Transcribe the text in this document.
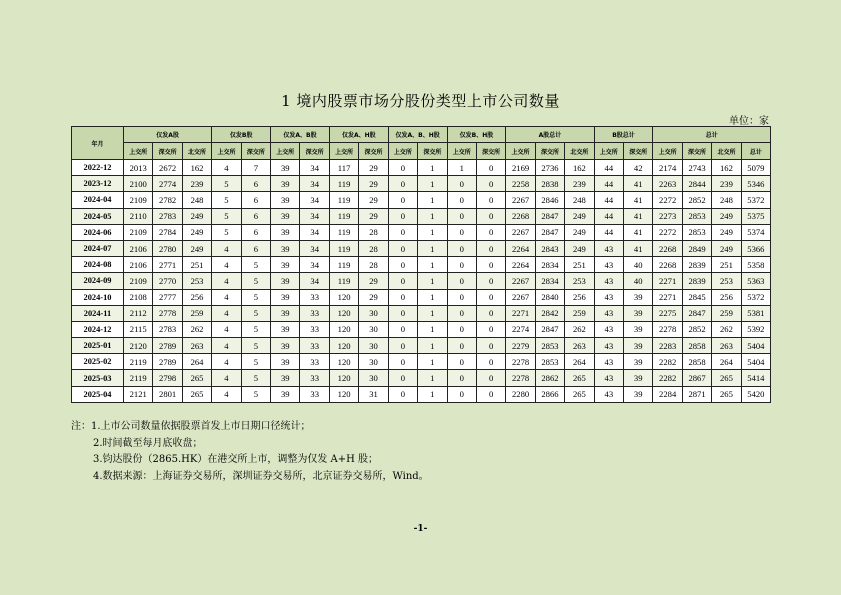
1 境内股票市场分股份类型上市公司数量
单位：家
年月	仅发A股			仅发B股		仅发A、B股		仅发A、H股		仅发A、B、H股		仅发B、H股		A股总计			B股总计		总计			
	上交所	深交所	北交所	上交所	深交所	上交所	深交所	上交所	深交所	上交所	深交所	上交所	深交所	上交所	深交所	北交所	上交所	深交所	上交所	深交所	北交所	总计
2022-12	2013	2672	162	4	7	39	34	117	29	0	1	1	0	2169	2736	162	44	42	2174	2743	162	5079
2023-12	2100	2774	239	5	6	39	34	119	29	0	1	0	0	2258	2838	239	44	41	2263	2844	239	5346
2024-04	2109	2782	248	5	6	39	34	119	29	0	1	0	0	2267	2846	248	44	41	2272	2852	248	5372
2024-05	2110	2783	249	5	6	39	34	119	29	0	1	0	0	2268	2847	249	44	41	2273	2853	249	5375
2024-06	2109	2784	249	5	6	39	34	119	28	0	1	0	0	2267	2847	249	44	41	2272	2853	249	5374
2024-07	2106	2780	249	4	6	39	34	119	28	0	1	0	0	2264	2843	249	43	41	2268	2849	249	5366
2024-08	2106	2771	251	4	5	39	34	119	28	0	1	0	0	2264	2834	251	43	40	2268	2839	251	5358
2024-09	2109	2770	253	4	5	39	34	119	29	0	1	0	0	2267	2834	253	43	40	2271	2839	253	5363
2024-10	2108	2777	256	4	5	39	33	120	29	0	1	0	0	2267	2840	256	43	39	2271	2845	256	5372
2024-11	2112	2778	259	4	5	39	33	120	30	0	1	0	0	2271	2842	259	43	39	2275	2847	259	5381
2024-12	2115	2783	262	4	5	39	33	120	30	0	1	0	0	2274	2847	262	43	39	2278	2852	262	5392
2025-01	2120	2789	263	4	5	39	33	120	30	0	1	0	0	2279	2853	263	43	39	2283	2858	263	5404
2025-02	2119	2789	264	4	5	39	33	120	30	0	1	0	0	2278	2853	264	43	39	2282	2858	264	5404
2025-03	2119	2798	265	4	5	39	33	120	30	0	1	0	0	2278	2862	265	43	39	2282	2867	265	5414
2025-04	2121	2801	265	4	5	39	33	120	31	0	1	0	0	2280	2866	265	43	39	2284	2871	265	5420
注：1.上市公司数量依据股票首发上市日期口径统计；
2.时间截至每月底收盘；
3.钧达股份（2865.HK）在港交所上市，调整为仅发 A+H 股；
4.数据来源：上海证券交易所，深圳证券交易所，北京证券交易所，Wind。
-1-
